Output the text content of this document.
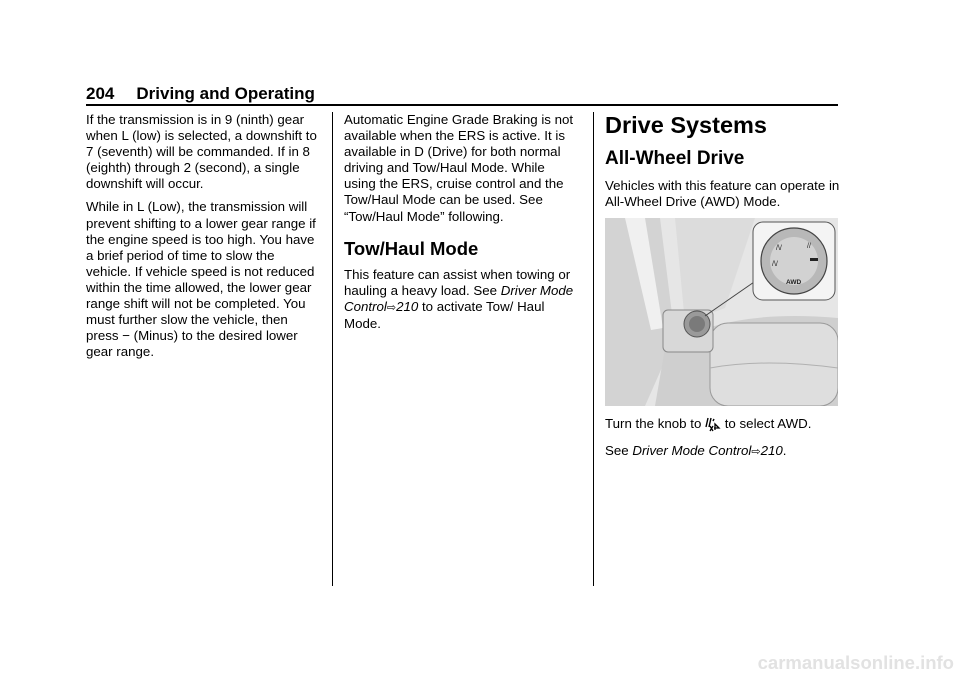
204 Driving and Operating

If the transmission is in 9 (ninth) gear when L (low) is selected, a downshift to 7 (seventh) will be commanded. If in 8 (eighth) through 2 (second), a single downshift will occur.

While in L (Low), the transmission will prevent shifting to a lower gear range if the engine speed is too high. You have a brief period of time to slow the vehicle. If vehicle speed is not reduced within the time allowed, the lower gear range shift will not be completed. You must further slow the vehicle, then press − (Minus) to the desired lower gear range.

Automatic Engine Grade Braking is not available when the ERS is active. It is available in D (Drive) for both normal driving and Tow/Haul Mode. While using the ERS, cruise control and the Tow/Haul Mode can be used. See “Tow/Haul Mode” following.

Tow/Haul Mode

This feature can assist when towing or hauling a heavy load. See Driver Mode Control⇨210 to activate Tow/ Haul Mode.

Drive Systems
All-Wheel Drive

Vehicles with this feature can operate in All-Wheel Drive (AWD) Mode.

/\/
/\/
//
AWD

Turn the knob to  to select AWD.

See Driver Mode Control⇨210.

carmanualsonline.info
